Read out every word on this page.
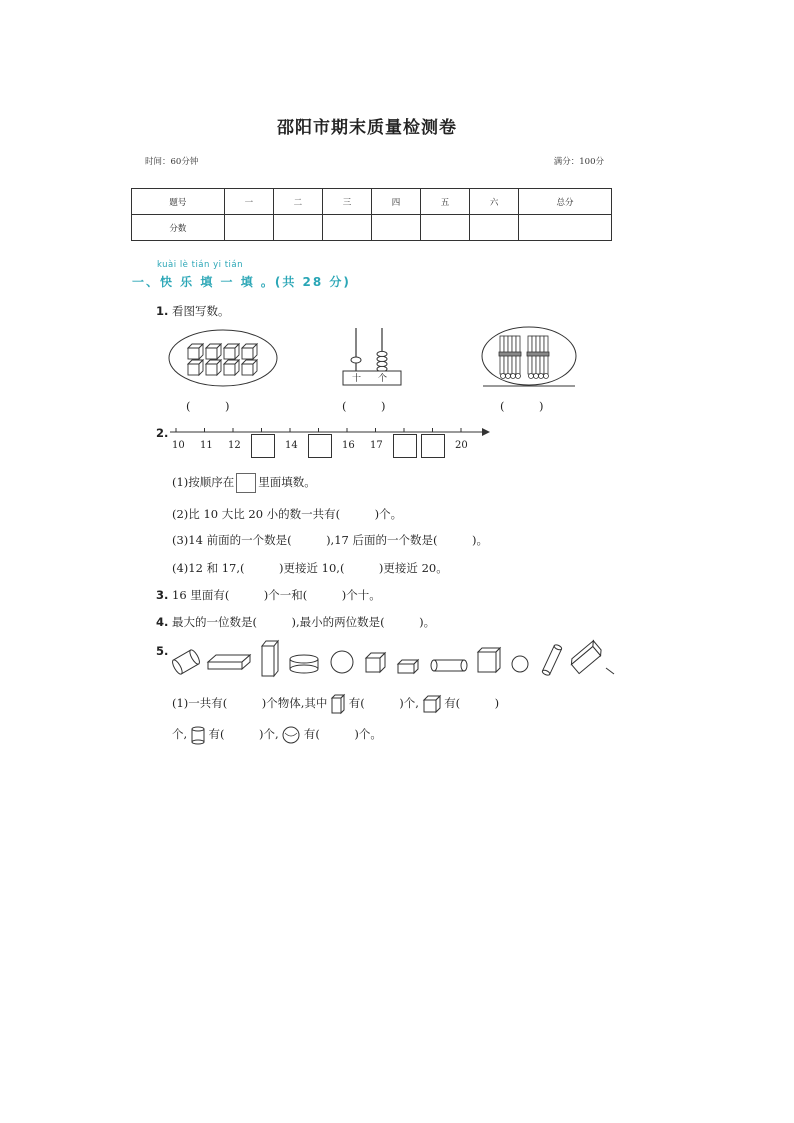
邵阳市期末质量检测卷
时间：60分钟	满分：100分
题号	一	二	三	四	五	六	总分
分数							
kuài lè tián yi tián
一、快 乐 填 一 填 。(共 28 分)
1. 看图写数。
十 个
(　　　)	(　　　)	(　　　)
2.
10 11 12	14	16 17	20
(1)按顺序在 里面填数。
(2)比 10 大比 20 小的数一共有(　　　)个。
(3)14 前面的一个数是(　　　),17 后面的一个数是(　　　)。
(4)12 和 17,(　　　)更接近 10,(　　　)更接近 20。
3. 16 里面有(　　　)个一和(　　　)个十。
4. 最大的一位数是(　　　),最小的两位数是(　　　)。
5.
(1)一共有(　　　)个物体,其中 有(　　　)个, 有(　　　)
个, 有(　　　)个, 有(　　　)个。
